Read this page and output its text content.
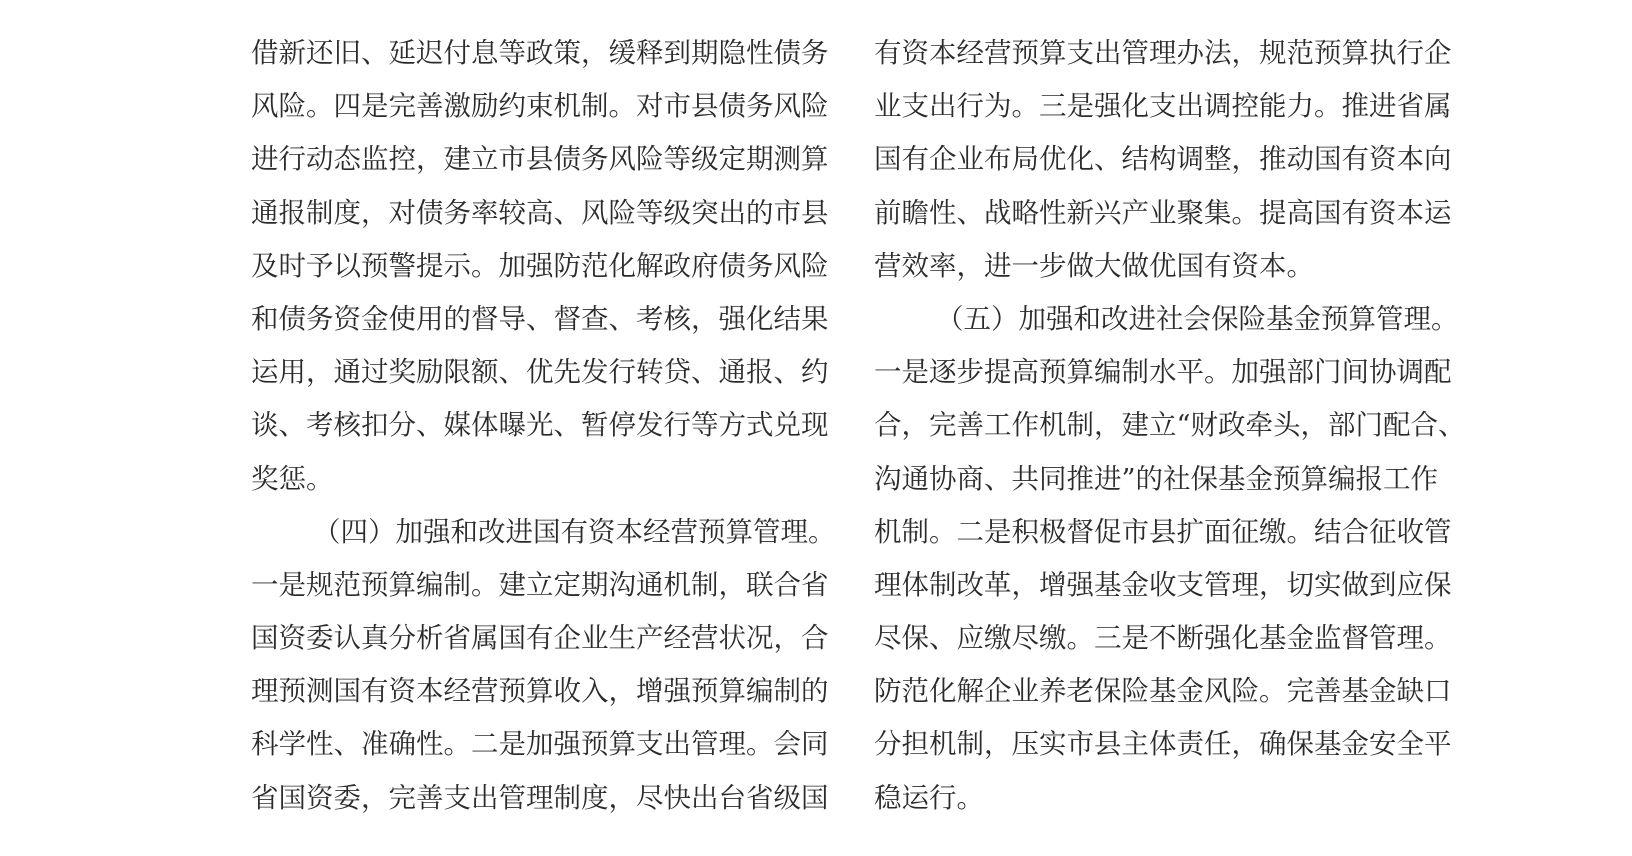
借新还旧、延迟付息等政策，缓释到期隐性债务
风险。四是完善激励约束机制。对市县债务风险
进行动态监控，建立市县债务风险等级定期测算
通报制度，对债务率较高、风险等级突出的市县
及时予以预警提示。加强防范化解政府债务风险
和债务资金使用的督导、督查、考核，强化结果
运用，通过奖励限额、优先发行转贷、通报、约
谈、考核扣分、媒体曝光、暂停发行等方式兑现
奖惩。
（四）加强和改进国有资本经营预算管理。
一是规范预算编制。建立定期沟通机制，联合省
国资委认真分析省属国有企业生产经营状况，合
理预测国有资本经营预算收入，增强预算编制的
科学性、准确性。二是加强预算支出管理。会同
省国资委，完善支出管理制度，尽快出台省级国
有资本经营预算支出管理办法，规范预算执行企
业支出行为。三是强化支出调控能力。推进省属
国有企业布局优化、结构调整，推动国有资本向
前瞻性、战略性新兴产业聚集。提高国有资本运
营效率，进一步做大做优国有资本。
（五）加强和改进社会保险基金预算管理。
一是逐步提高预算编制水平。加强部门间协调配
合，完善工作机制，建立“财政牵头，部门配合、
沟通协商、共同推进”的社保基金预算编报工作
机制。二是积极督促市县扩面征缴。结合征收管
理体制改革，增强基金收支管理，切实做到应保
尽保、应缴尽缴。三是不断强化基金监督管理。
防范化解企业养老保险基金风险。完善基金缺口
分担机制，压实市县主体责任，确保基金安全平
稳运行。
